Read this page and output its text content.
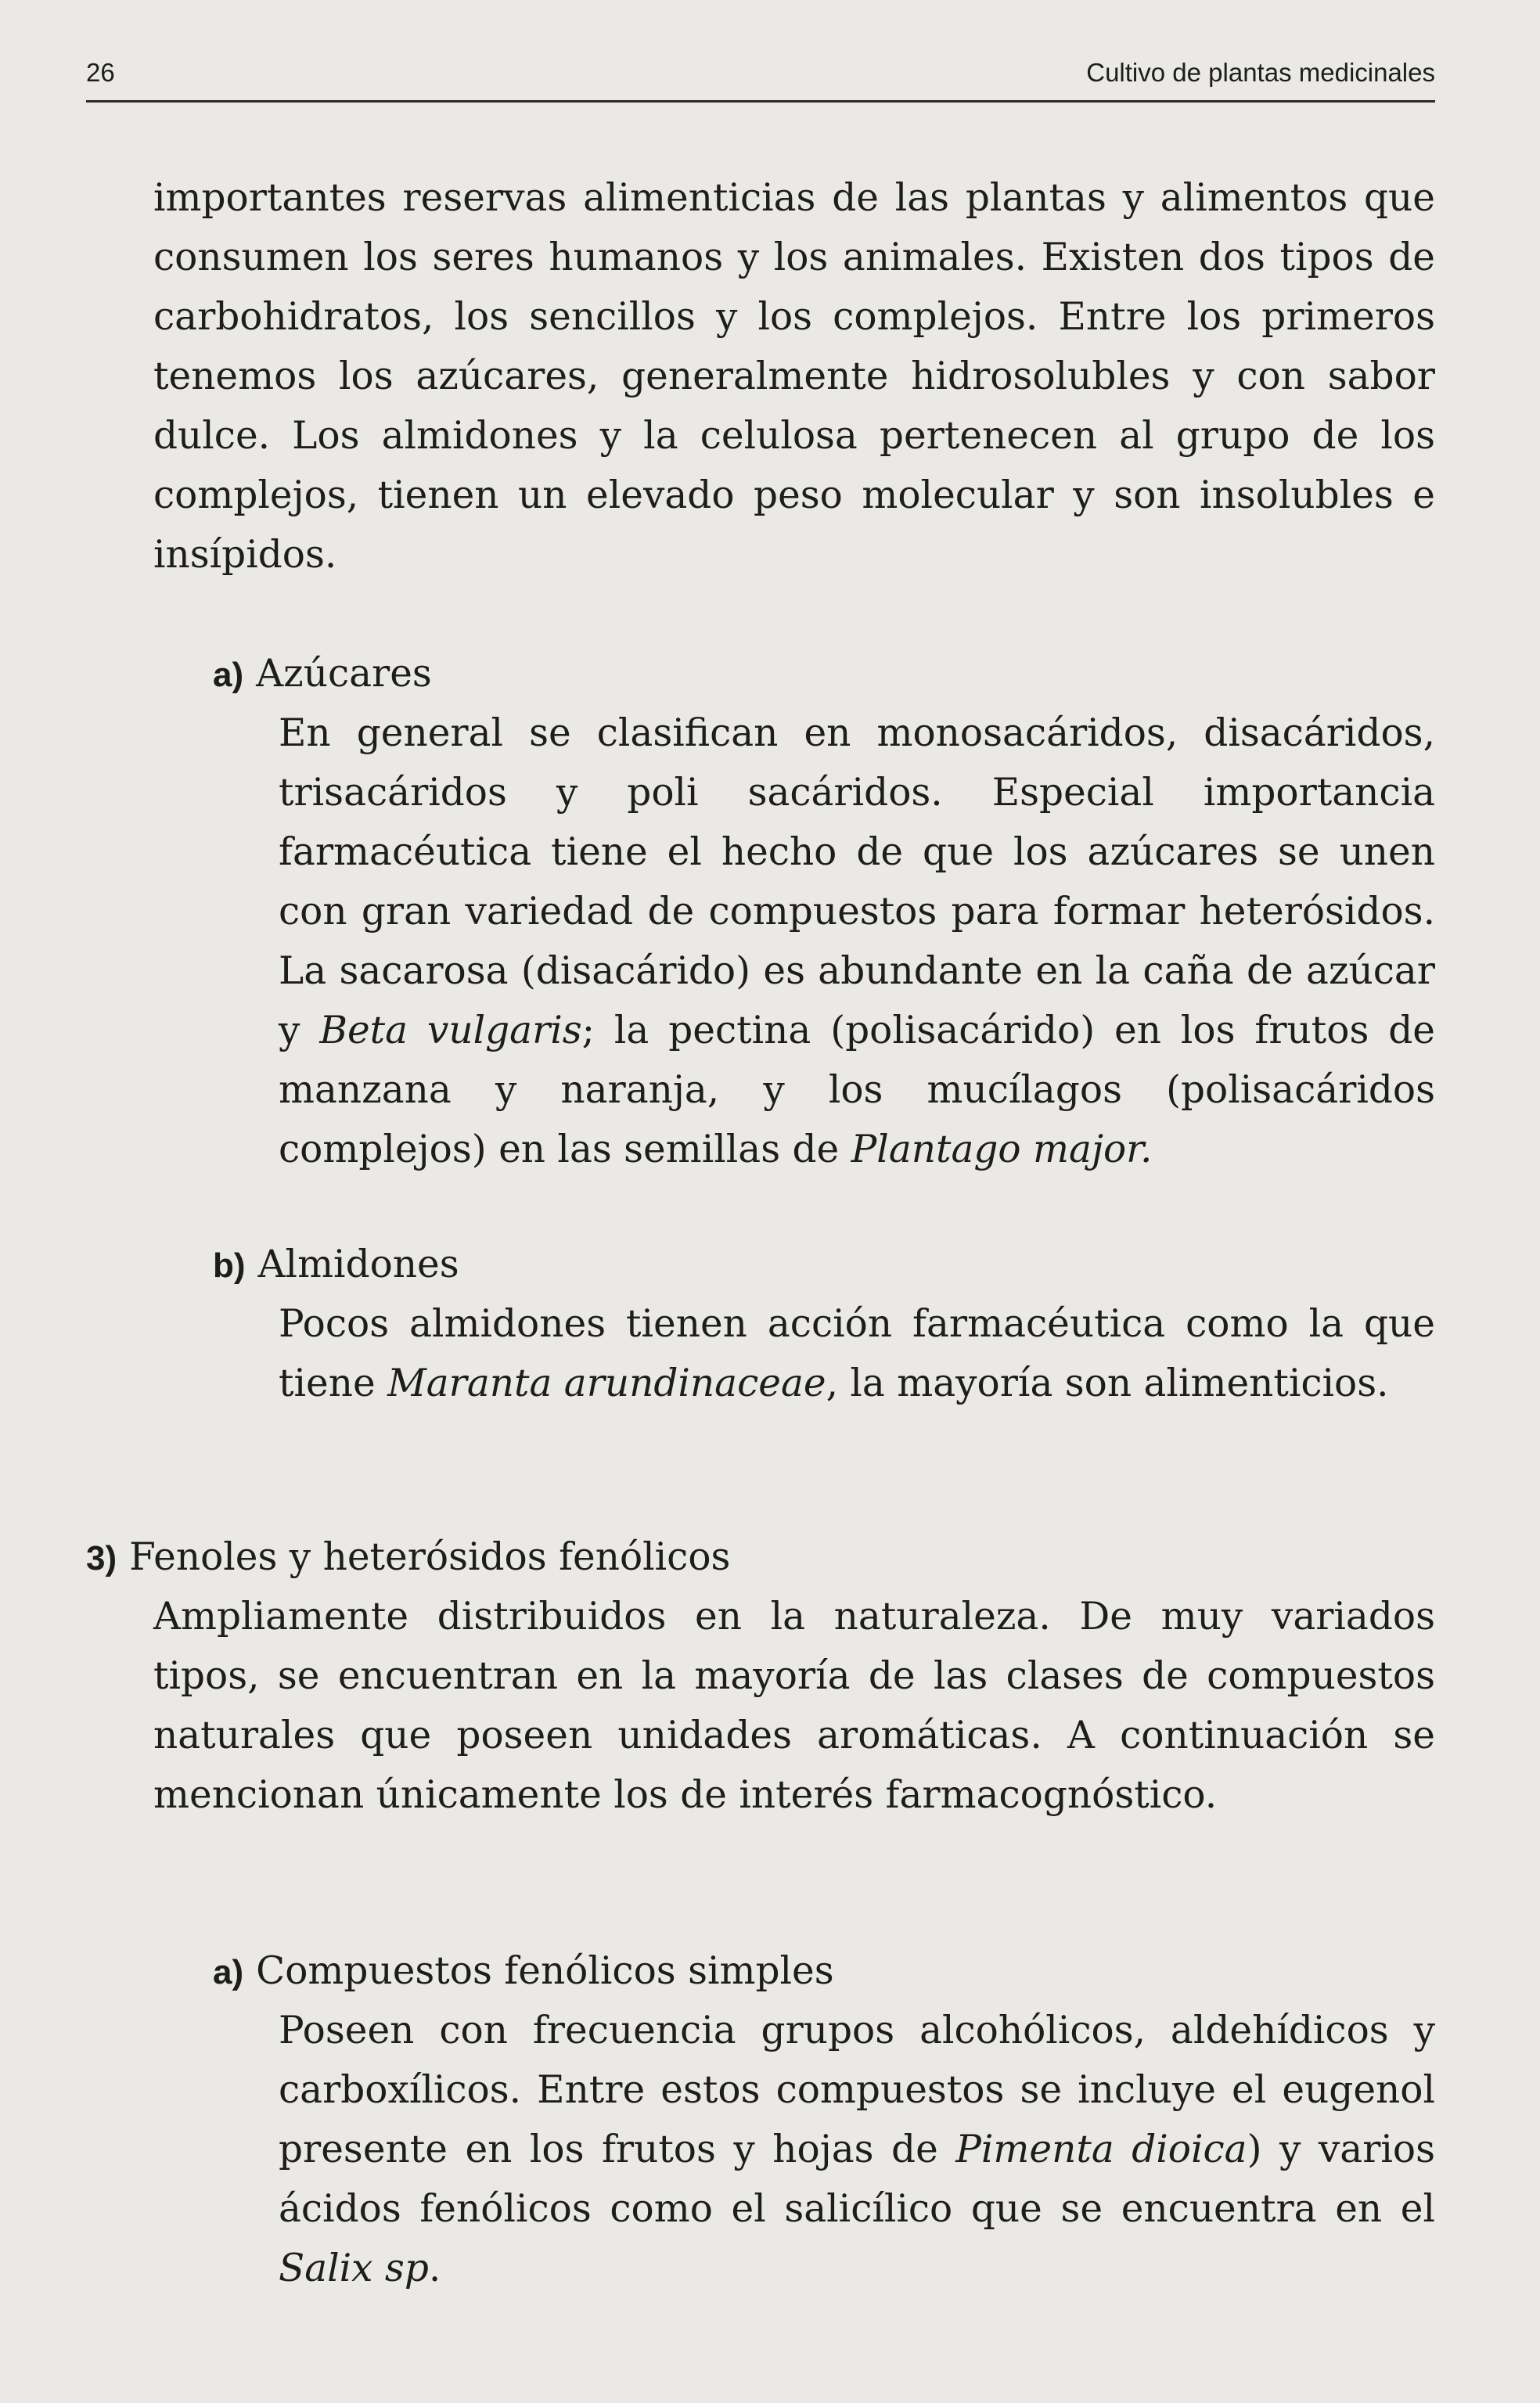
26	Cultivo de plantas medicinales

importantes reservas alimenticias de las plantas y alimentos que consumen los seres humanos y los animales. Existen dos tipos de carbohidratos, los sencillos y los complejos. Entre los primeros tenemos los azúcares, generalmente hidrosolubles y con sabor dulce. Los almidones y la celulosa pertenecen al grupo de los complejos, tienen un elevado peso molecular y son insolubles e insípidos.

a) Azúcares

En general se clasifican en monosacáridos, disacáridos, trisacáridos y poli sacáridos. Especial importancia farmacéutica tiene el hecho de que los azúcares se unen con gran variedad de compuestos para formar heterósidos. La sacarosa (disacárido) es abundante en la caña de azúcar y Beta vulgaris; la pectina (polisacárido) en los frutos de manzana y naranja, y los mucílagos (polisacáridos complejos) en las semillas de Plantago major.

b) Almidones

Pocos almidones tienen acción farmacéutica como la que tiene Maranta arundinaceae, la mayoría son alimenticios.

3) Fenoles y heterósidos fenólicos

Ampliamente distribuidos en la naturaleza. De muy variados tipos, se encuentran en la mayoría de las clases de compuestos naturales que poseen unidades aromáticas. A continuación se mencionan únicamente los de interés farmacognóstico.

a) Compuestos fenólicos simples

Poseen con frecuencia grupos alcohólicos, aldehídicos y carboxílicos. Entre estos compuestos se incluye el eugenol presente en los frutos y hojas de Pimenta dioica) y varios ácidos fenólicos como el salicílico que se encuentra en el Salix sp.
